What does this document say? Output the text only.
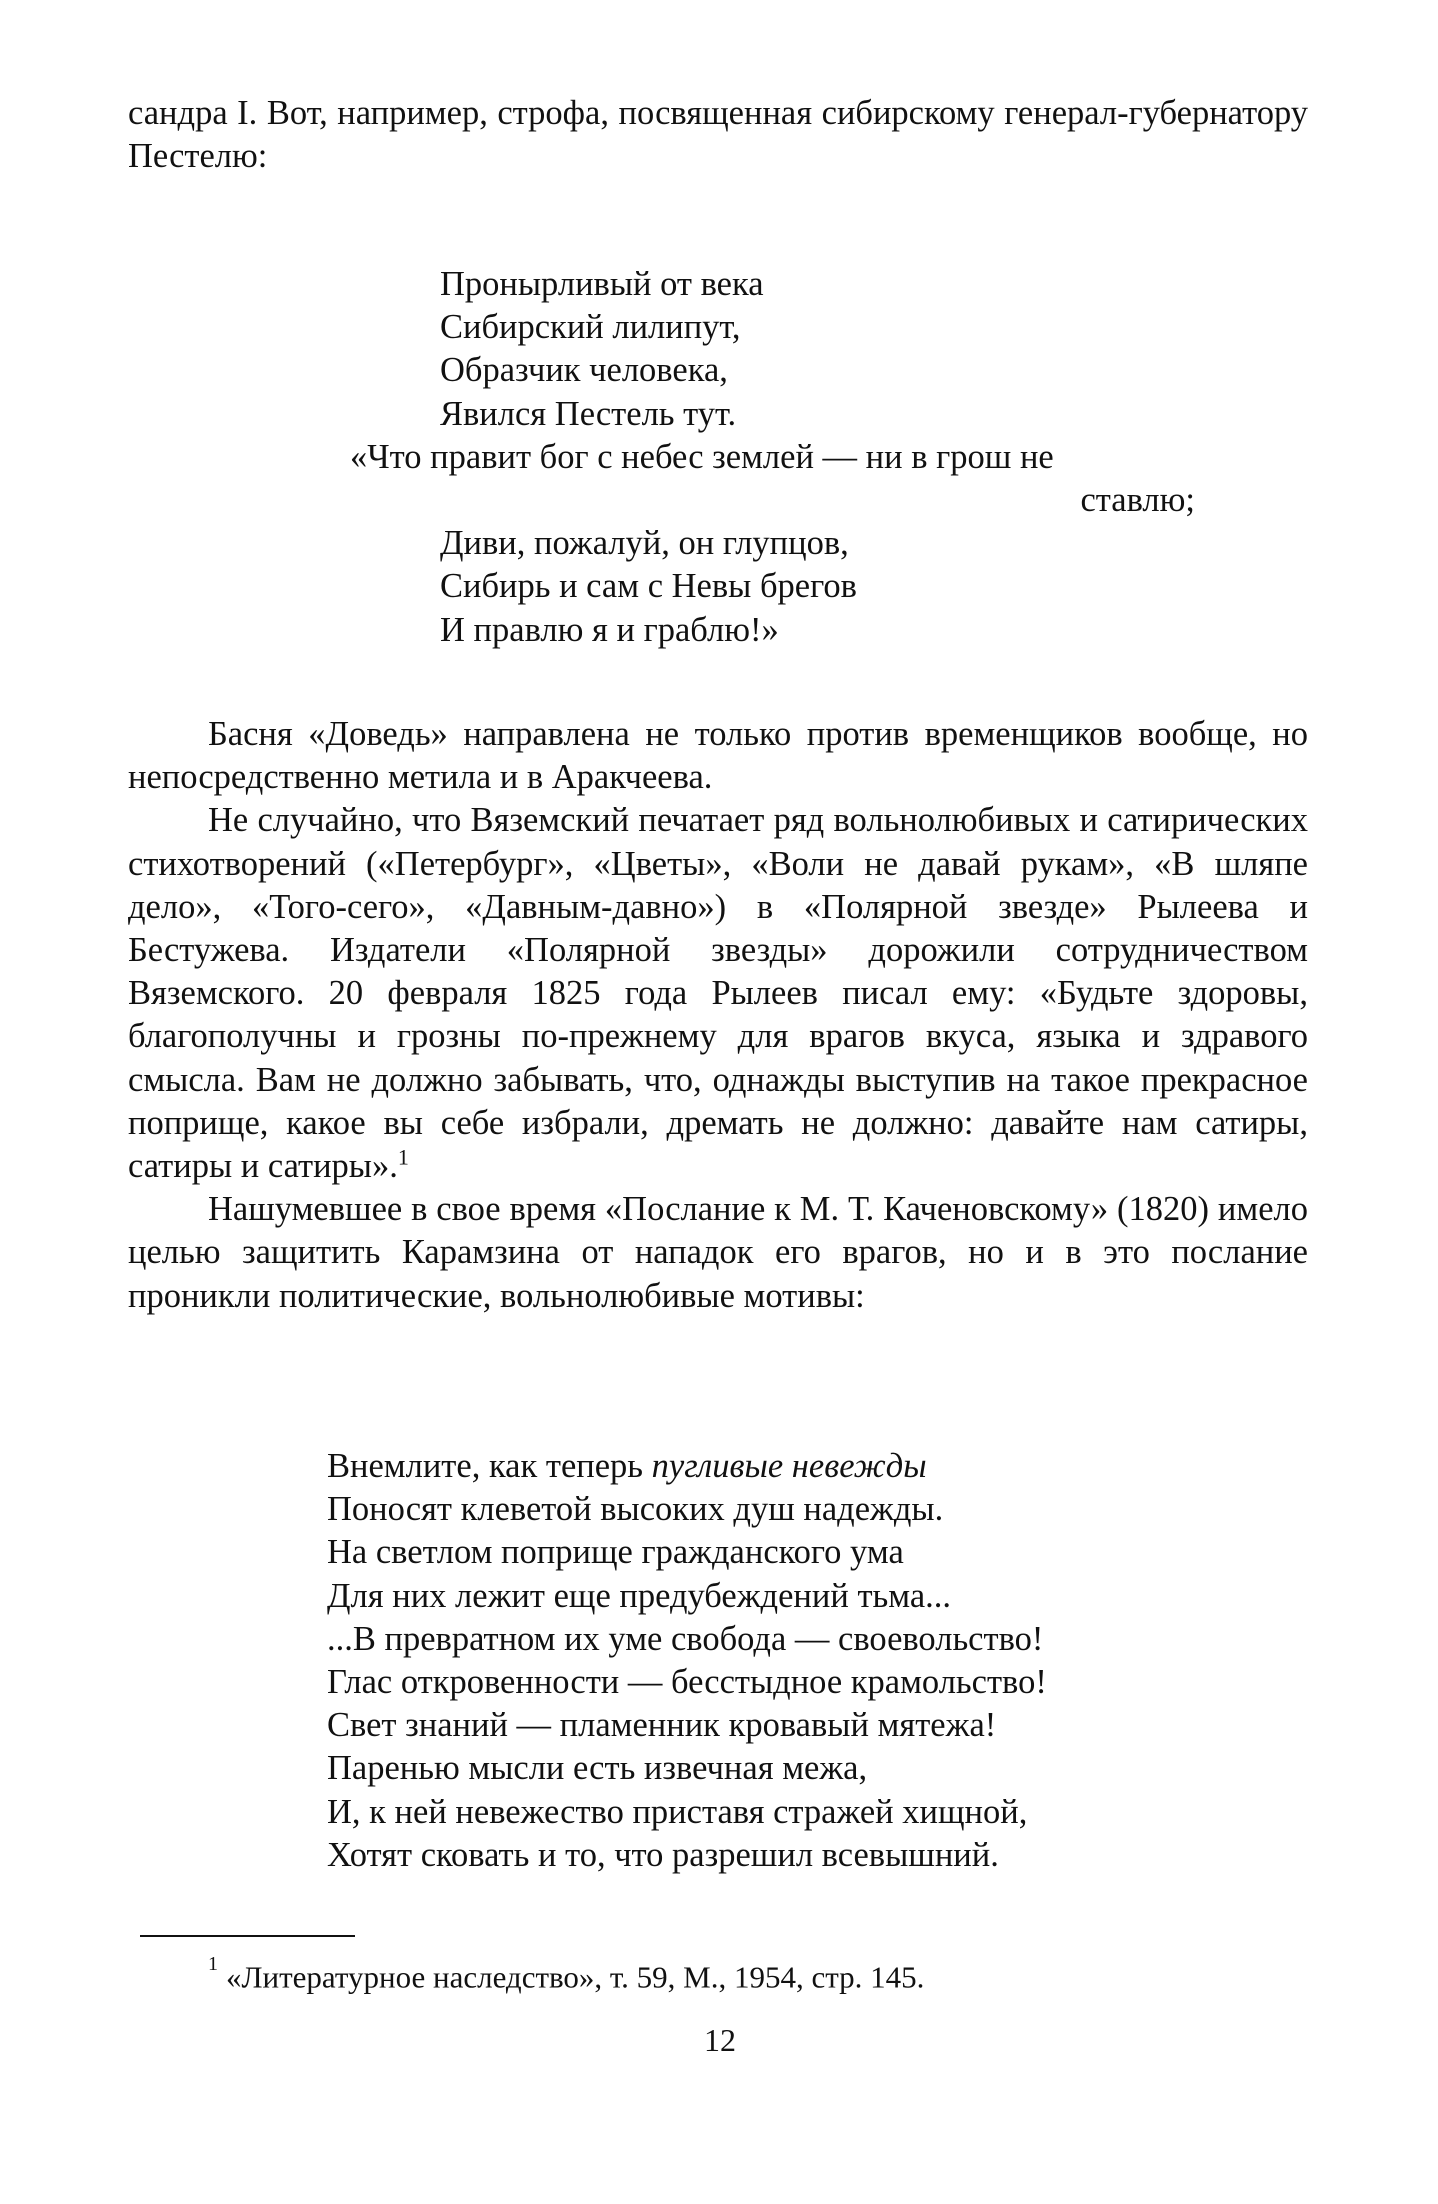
сандра I. Вот, например, строфа, посвященная сибирскому генерал-губернатору Пестелю:

Пронырливый от века
Сибирский лилипут,
Образчик человека,
Явился Пестель тут.
«Что правит бог с небес землей — ни в грош не
ставлю;
Диви, пожалуй, он глупцов,
Сибирь и сам с Невы брегов
И правлю я и граблю!»

Басня «Доведь» направлена не только против временщиков вообще, но непосредственно метила и в Аракчеева.

Не случайно, что Вяземский печатает ряд вольнолюбивых и сатирических стихотворений («Петербург», «Цветы», «Воли не давай рукам», «В шляпе дело», «Того-сего», «Давным-давно») в «Полярной звезде» Рылеева и Бестужева. Издатели «Полярной звезды» дорожили сотрудничеством Вяземского. 20 февраля 1825 года Рылеев писал ему: «Будьте здоровы, благополучны и грозны по-прежнему для врагов вкуса, языка и здравого смысла. Вам не должно забывать, что, однажды выступив на такое прекрасное поприще, какое вы себе избрали, дремать не должно: давайте нам сатиры, сатиры и сатиры».$^1$

Нашумевшее в свое время «Послание к М. Т. Каченовскому» (1820) имело целью защитить Карамзина от нападок его врагов, но и в это послание проникли политические, вольнолюбивые мотивы:

Внемлите, как теперь пугливые невежды
Поносят клеветой высоких душ надежды.
На светлом поприще гражданского ума
Для них лежит еще предубеждений тьма...
...В превратном их уме свобода — своевольство!
Глас откровенности — бесстыдное крамольство!
Свет знаний — пламенник кровавый мятежа!
Паренью мысли есть извечная межа,
И, к ней невежество приставя стражей хищной,
Хотят сковать и то, что разрешил всевышний.
$^1$ «Литературное наследство», т. 59, М., 1954, стр. 145.
12
